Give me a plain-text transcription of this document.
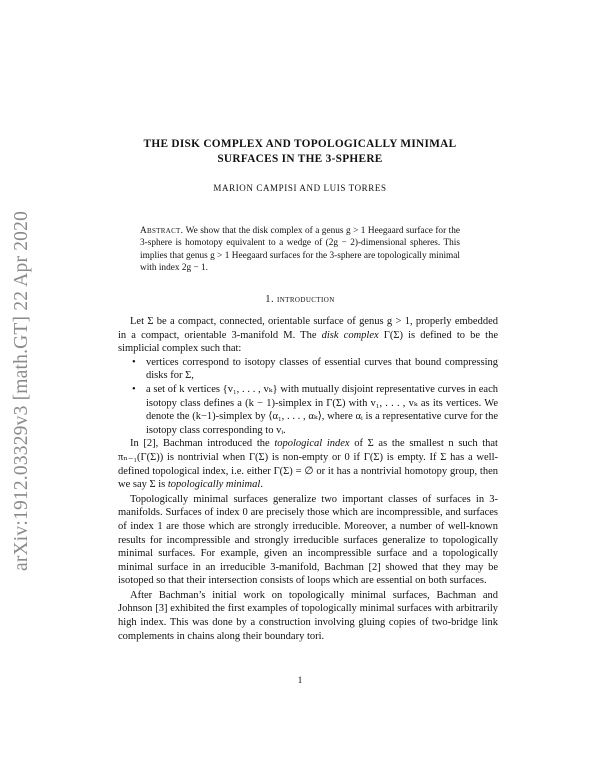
arXiv:1912.03329v3 [math.GT] 22 Apr 2020
THE DISK COMPLEX AND TOPOLOGICALLY MINIMAL
SURFACES IN THE 3-SPHERE
MARION CAMPISI AND LUIS TORRES
Abstract. We show that the disk complex of a genus g > 1 Heegaard surface for the 3-sphere is homotopy equivalent to a wedge of (2g − 2)-dimensional spheres. This implies that genus g > 1 Heegaard surfaces for the 3-sphere are topologically minimal with index 2g − 1.
1. introduction

Let Σ be a compact, connected, orientable surface of genus g > 1, properly embedded in a compact, orientable 3-manifold M. The disk complex Γ(Σ) is defined to be the simplicial complex such that:

• vertices correspond to isotopy classes of essential curves that bound compressing disks for Σ,
• a set of k vertices {v₁, . . . , vₖ} with mutually disjoint representative curves in each isotopy class defines a (k − 1)-simplex in Γ(Σ) with v₁, . . . , vₖ as its vertices. We denote the (k−1)-simplex by ⟨α₁, . . . , αₖ⟩, where αᵢ is a representative curve for the isotopy class corresponding to vᵢ.

In [2], Bachman introduced the topological index of Σ as the smallest n such that πₙ₋₁(Γ(Σ)) is nontrivial when Γ(Σ) is non-empty or 0 if Γ(Σ) is empty. If Σ has a well-defined topological index, i.e. either Γ(Σ) = ∅ or it has a nontrivial homotopy group, then we say Σ is topologically minimal.

Topologically minimal surfaces generalize two important classes of surfaces in 3-manifolds. Surfaces of index 0 are precisely those which are incompressible, and surfaces of index 1 are those which are strongly irreducible. Moreover, a number of well-known results for incompressible and strongly irreducible surfaces generalize to topologically minimal surfaces. For example, given an incompressible surface and a topologically minimal surface in an irreducible 3-manifold, Bachman [2] showed that they may be isotoped so that their intersection consists of loops which are essential on both surfaces.

After Bachman’s initial work on topologically minimal surfaces, Bachman and Johnson [3] exhibited the first examples of topologically minimal surfaces with arbitrarily high index. This was done by a construction involving gluing copies of two-bridge link complements in chains along their boundary tori.

1
